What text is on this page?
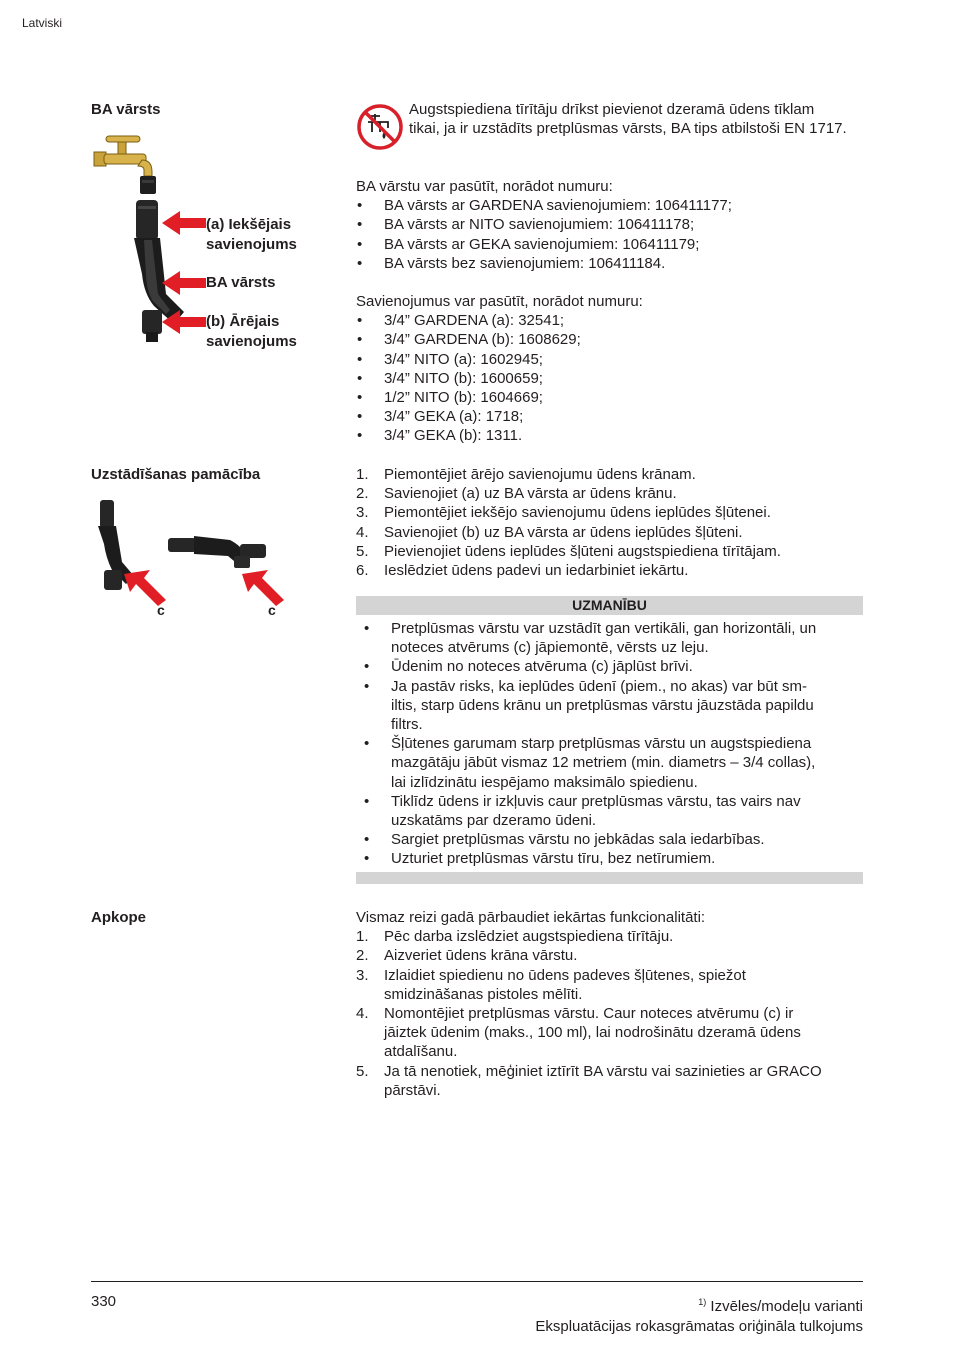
Latviski
BA vārsts
Uzstādīšanas pamācība
Apkope
(a) Iekšējais
savienojums
BA vārsts
(b) Ārējais
savienojums
c	c
Augstspiediena tīrītāju drīkst pievienot dzeramā ūdens tīklam tikai, ja ir uzstādīts pretplūsmas vārsts, BA tips atbilstoši EN 1717.

BA vārstu var pasūtīt, norādot numuru:

• BA vārsts ar GARDENA savienojumiem: 106411177;
• BA vārsts ar NITO savienojumiem: 106411178;
• BA vārsts ar GEKA savienojumiem: 106411179;
• BA vārsts bez savienojumiem: 106411184.

Savienojumus var pasūtīt, norādot numuru:

• 3/4” GARDENA (a): 32541;
• 3/4” GARDENA (b): 1608629;
• 3/4” NITO (a): 1602945;
• 3/4” NITO (b): 1600659;
• 1/2” NITO (b): 1604669;
• 3/4” GEKA (a): 1718;
• 3/4” GEKA (b): 1311.
1. Piemontējiet ārējo savienojumu ūdens krānam.
2. Savienojiet (a) uz BA vārsta ar ūdens krānu.
3. Piemontējiet iekšējo savienojumu ūdens ieplūdes šļūtenei.
4. Savienojiet (b) uz BA vārsta ar ūdens ieplūdes šļūteni.
5. Pievienojiet ūdens ieplūdes šļūteni augstspiediena tīrītājam.
6. Ieslēdziet ūdens padevi un iedarbiniet iekārtu.
UZMANĪBU
• Pretplūsmas vārstu var uzstādīt gan vertikāli, gan horizontāli, un
noteces atvērums (c) jāpiemontē, vērsts uz leju.
• Ūdenim no noteces atvēruma (c) jāplūst brīvi.
• Ja pastāv risks, ka ieplūdes ūdenī (piem., no akas) var būt sm-
iltis, starp ūdens krānu un pretplūsmas vārstu jāuzstāda papildu
filtrs.
• Šļūtenes garumam starp pretplūsmas vārstu un augstspiediena
mazgātāju jābūt vismaz 12 metriem (min. diametrs – 3/4 collas),
lai izlīdzinātu iespējamo maksimālo spiedienu.
• Tiklīdz ūdens ir izkļuvis caur pretplūsmas vārstu, tas vairs nav
uzskatāms par dzeramo ūdeni.
• Sargiet pretplūsmas vārstu no jebkādas sala iedarbības.
• Uzturiet pretplūsmas vārstu tīru, bez netīrumiem.

Vismaz reizi gadā pārbaudiet iekārtas funkcionalitāti:

1. Pēc darba izslēdziet augstspiediena tīrītāju.
2. Aizveriet ūdens krāna vārstu.
3. Izlaidiet spiedienu no ūdens padeves šļūtenes, spiežot
smidzināšanas pistoles mēlīti.
4. Nomontējiet pretplūsmas vārstu. Caur noteces atvērumu (c) ir
jāiztek ūdenim (maks., 100 ml), lai nodrošinātu dzeramā ūdens
atdalīšanu.
5. Ja tā nenotiek, mēģiniet iztīrīt BA vārstu vai sazinieties ar GRACO
pārstāvi.
330	$^{1)}$ Izvēles/modeļu varianti
Ekspluatācijas rokasgrāmatas oriģināla tulkojums
